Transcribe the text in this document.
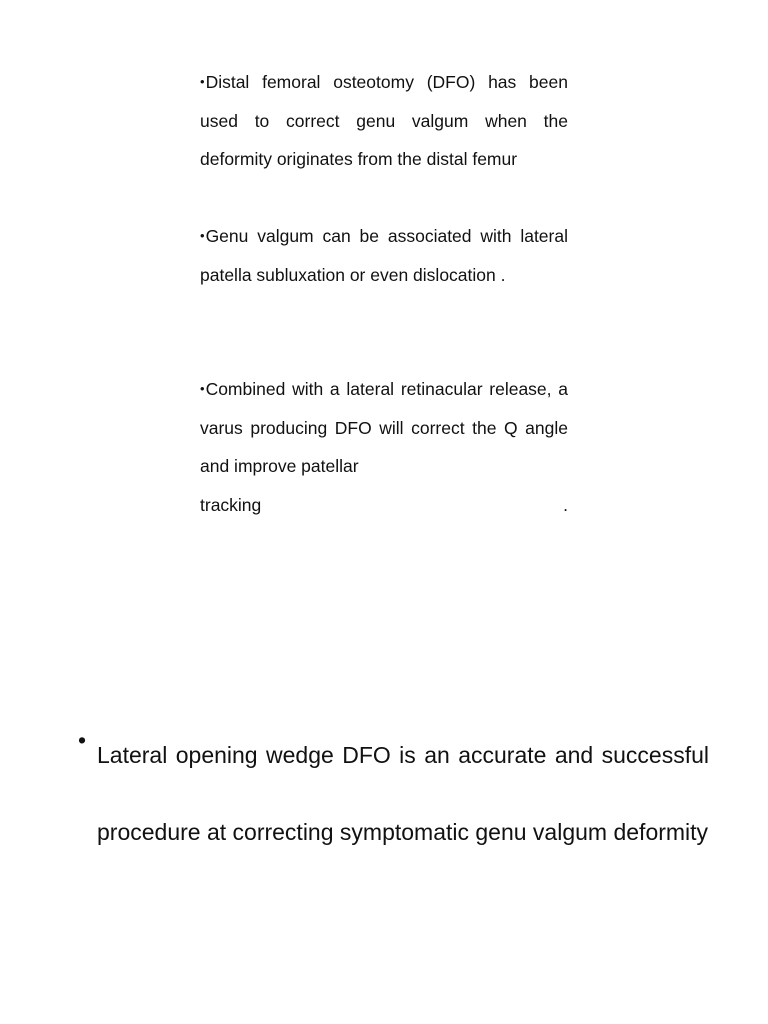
•Distal femoral osteotomy (DFO) has been used to correct genu valgum when the deformity originates from the distal femur
•Genu valgum can be associated with lateral patella subluxation or even dislocation .
•Combined with a lateral retinacular release, a varus producing DFO will correct the Q angle and improve patellar
tracking	.
•
Lateral opening wedge DFO is an accurate and successful procedure at correcting symptomatic genu valgum deformity
